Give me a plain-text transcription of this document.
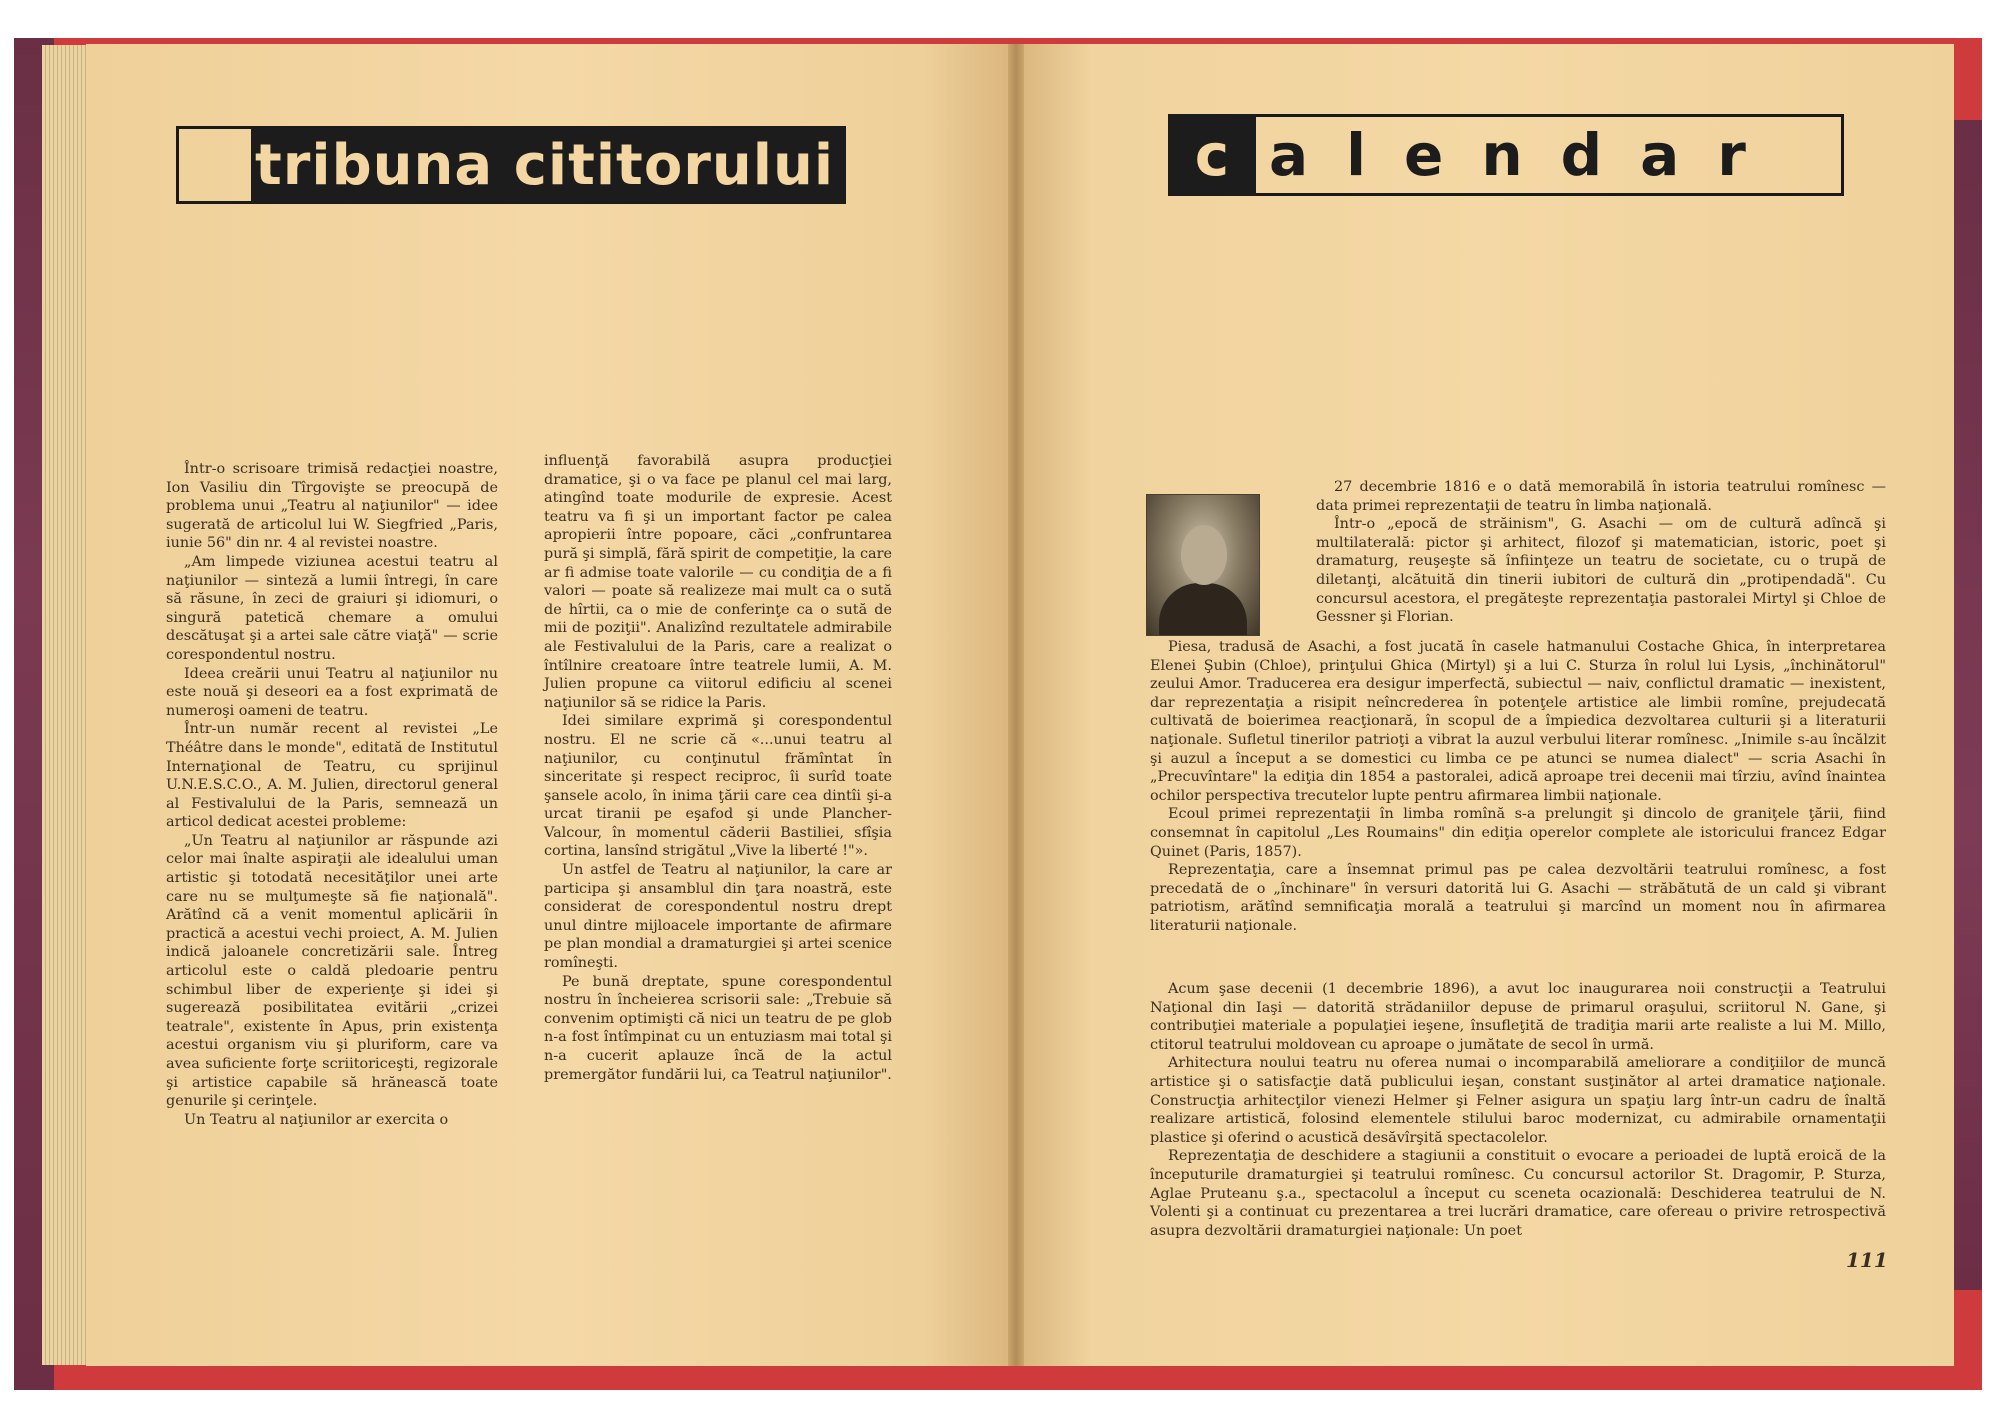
tribuna cititorului	c alendar

Într-o scrisoare trimisă redacţiei noastre, Ion Vasiliu din Tîrgovişte se preocupă de problema unui „Teatru al naţiunilor" — idee sugerată de articolul lui W. Siegfried „Paris, iunie 56" din nr. 4 al revistei noastre.

„Am limpede viziunea acestui teatru al naţiunilor — sinteză a lumii întregi, în care să răsune, în zeci de graiuri şi idiomuri, o singură patetică chemare a omului descătuşat şi a artei sale către viaţă" — scrie corespondentul nostru.

Ideea creării unui Teatru al naţiunilor nu este nouă şi deseori ea a fost exprimată de numeroşi oameni de teatru.

Într-un număr recent al revistei „Le Théâtre dans le monde", editată de Institutul Internaţional de Teatru, cu sprijinul U.N.E.S.C.O., A. M. Julien, directorul general al Festivalului de la Paris, semnează un articol dedicat acestei probleme:

„Un Teatru al naţiunilor ar răspunde azi celor mai înalte aspiraţii ale idealului uman artistic şi totodată necesităţilor unei arte care nu se mulţumeşte să fie naţională". Arătînd că a venit momentul aplicării în practică a acestui vechi proiect, A. M. Julien indică jaloanele concretizării sale. Întreg articolul este o caldă pledoarie pentru schimbul liber de experienţe şi idei şi sugerează posibilitatea evitării „crizei teatrale", existente în Apus, prin existenţa acestui organism viu şi pluriform, care va avea suficiente forţe scriitoriceşti, regizorale şi artistice capabile să hrănească toate genurile şi cerinţele.

Un Teatru al naţiunilor ar exercita o

influenţă favorabilă asupra producţiei dramatice, şi o va face pe planul cel mai larg, atingînd toate modurile de expresie. Acest teatru va fi şi un important factor pe calea apropierii între popoare, căci „confruntarea pură şi simplă, fără spirit de competiţie, la care ar fi admise toate valorile — cu condiţia de a fi valori — poate să realizeze mai mult ca o sută de hîrtii, ca o mie de conferinţe ca o sută de mii de poziţii". Analizînd rezultatele admirabile ale Festivalului de la Paris, care a realizat o întîlnire creatoare între teatrele lumii, A. M. Julien propune ca viitorul edificiu al scenei naţiunilor să se ridice la Paris.

Idei similare exprimă şi corespondentul nostru. El ne scrie că «...unui teatru al naţiunilor, cu conţinutul frămîntat în sinceritate şi respect reciproc, îi surîd toate şansele acolo, în inima ţării care cea dintîi şi-a urcat tiranii pe eşafod şi unde Plancher-Valcour, în momentul căderii Bastiliei, sfîşia cortina, lansînd strigătul „Vive la liberté !"».

Un astfel de Teatru al naţiunilor, la care ar participa şi ansamblul din ţara noastră, este considerat de corespondentul nostru drept unul dintre mijloacele importante de afirmare pe plan mondial a dramaturgiei şi artei scenice romîneşti.

Pe bună dreptate, spune corespondentul nostru în încheierea scrisorii sale: „Trebuie să convenim optimişti că nici un teatru de pe glob n-a fost întîmpinat cu un entuziasm mai total şi n-a cucerit aplauze încă de la actul premergător fundării lui, ca Teatrul naţiunilor".

27 decembrie 1816 e o dată memorabilă în istoria teatrului romînesc — data primei reprezentaţii de teatru în limba naţională.

Într-o „epocă de străinism", G. Asachi — om de cultură adîncă şi multilaterală: pictor şi arhitect, filozof şi matematician, istoric, poet şi dramaturg, reuşeşte să înfiinţeze un teatru de societate, cu o trupă de diletanţi, alcătuită din tinerii iubitori de cultură din „protipendadă". Cu concursul acestora, el pregăteşte reprezentaţia pastoralei Mirtyl şi Chloe de Gessner şi Florian.

Piesa, tradusă de Asachi, a fost jucată în casele hatmanului Costache Ghica, în interpretarea Elenei Şubin (Chloe), prinţului Ghica (Mirtyl) şi a lui C. Sturza în rolul lui Lysis, „închinătorul" zeului Amor. Traducerea era desigur imperfectă, subiectul — naiv, conflictul dramatic — inexistent, dar reprezentaţia a risipit neîncrederea în potenţele artistice ale limbii romîne, prejudecată cultivată de boierimea reacţionară, în scopul de a împiedica dezvoltarea culturii şi a literaturii naţionale. Sufletul tinerilor patrioţi a vibrat la auzul verbului literar romînesc. „Inimile s-au încălzit şi auzul a început a se domestici cu limba ce pe atunci se numea dialect" — scria Asachi în „Precuvîntare" la ediţia din 1854 a pastoralei, adică aproape trei decenii mai tîrziu, avînd înaintea ochilor perspectiva trecutelor lupte pentru afirmarea limbii naţionale.

Ecoul primei reprezentaţii în limba romînă s-a prelungit şi dincolo de graniţele ţării, fiind consemnat în capitolul „Les Roumains" din ediţia operelor complete ale istoricului francez Edgar Quinet (Paris, 1857).

Reprezentaţia, care a însemnat primul pas pe calea dezvoltării teatrului romînesc, a fost precedată de o „închinare" în versuri datorită lui G. Asachi — străbătută de un cald şi vibrant patriotism, arătînd semnificaţia morală a teatrului şi marcînd un moment nou în afirmarea literaturii naţionale.

Acum şase decenii (1 decembrie 1896), a avut loc inaugurarea noii construcţii a Teatrului Naţional din Iaşi — datorită strădaniilor depuse de primarul oraşului, scriitorul N. Gane, şi contribuţiei materiale a populaţiei ieşene, însufleţită de tradiţia marii arte realiste a lui M. Millo, ctitorul teatrului moldovean cu aproape o jumătate de secol în urmă.

Arhitectura noului teatru nu oferea numai o incomparabilă ameliorare a condiţiilor de muncă artistice şi o satisfacţie dată publicului ieşan, constant susţinător al artei dramatice naţionale. Construcţia arhitecţilor vienezi Helmer şi Felner asigura un spaţiu larg într-un cadru de înaltă realizare artistică, folosind elementele stilului baroc modernizat, cu admirabile ornamentaţii plastice şi oferind o acustică desăvîrşită spectacolelor.

Reprezentaţia de deschidere a stagiunii a constituit o evocare a perioadei de luptă eroică de la începuturile dramaturgiei şi teatrului romînesc. Cu concursul actorilor St. Dragomir, P. Sturza, Aglae Pruteanu ş.a., spectacolul a început cu sceneta ocazională: Deschiderea teatrului de N. Volenti şi a continuat cu prezentarea a trei lucrări dramatice, care ofereau o privire retrospectivă asupra dezvoltării dramaturgiei naţionale: Un poet

111
